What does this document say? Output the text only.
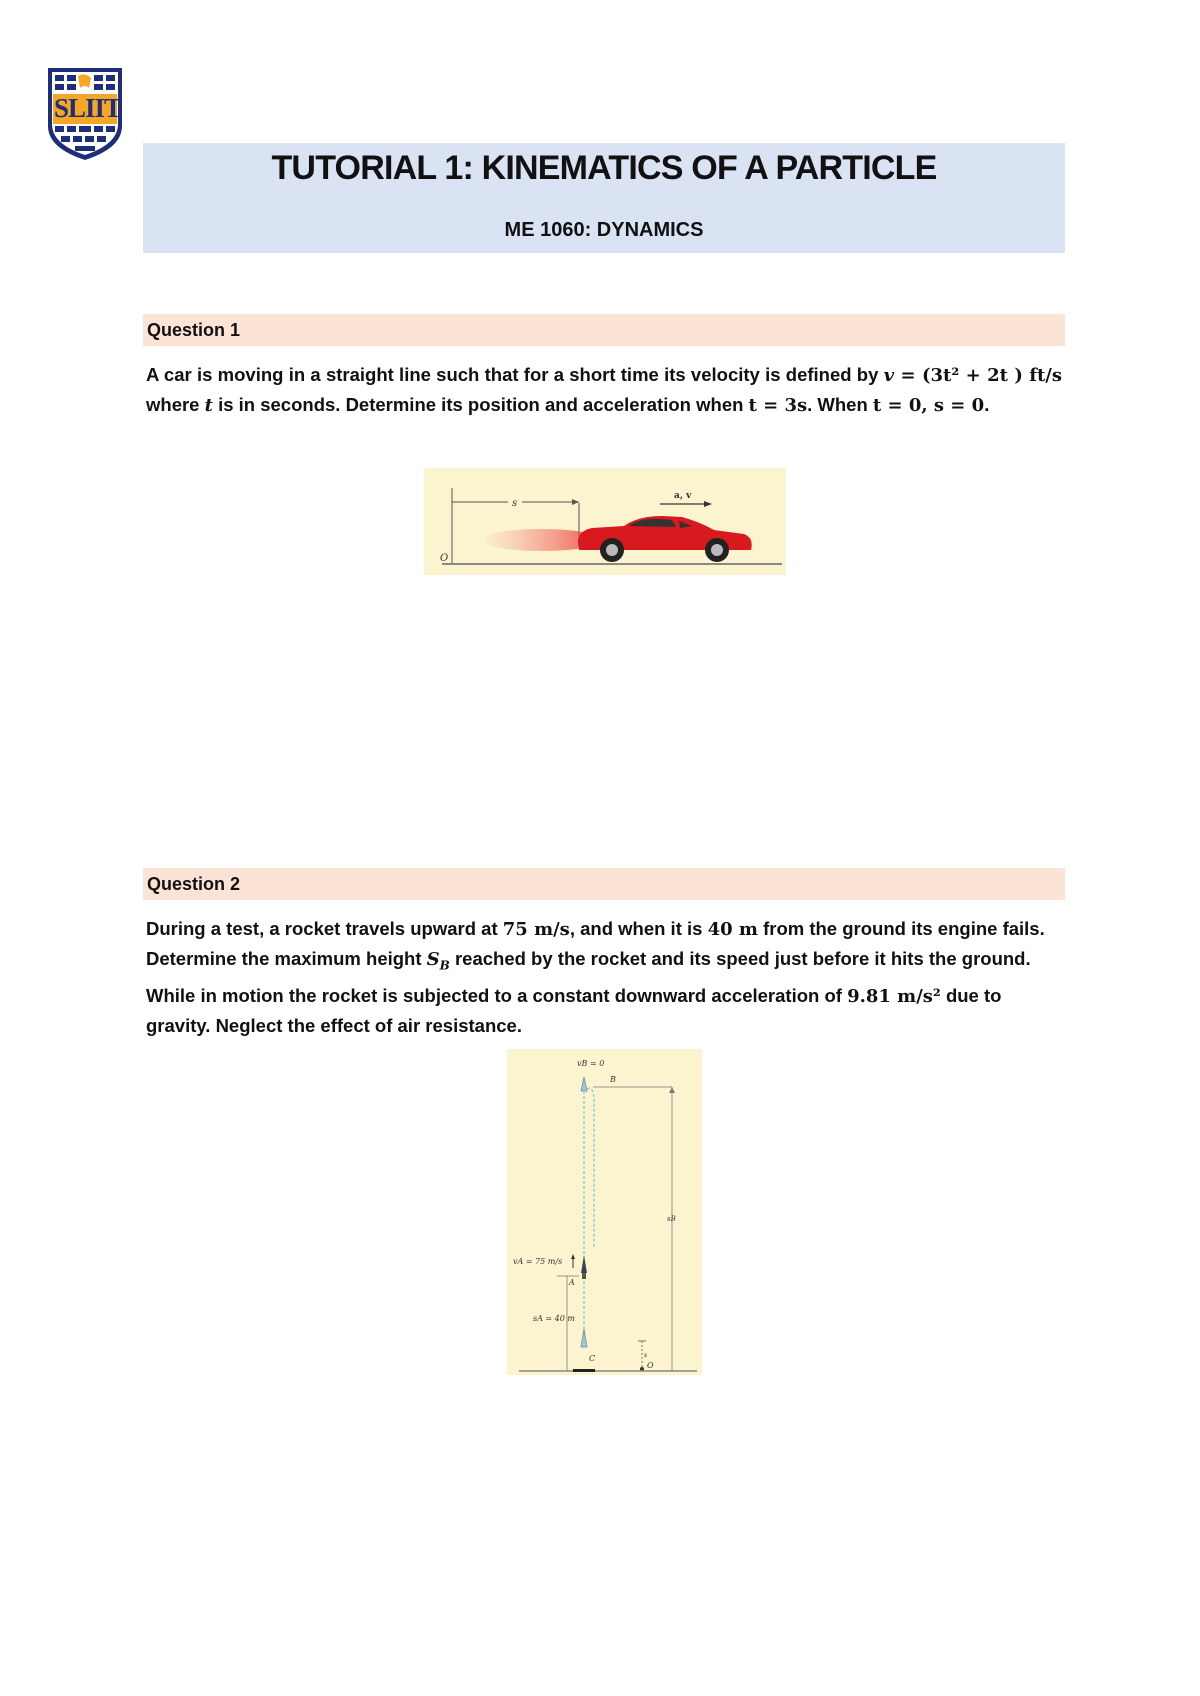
SLIIT
TUTORIAL 1: KINEMATICS OF A PARTICLE
ME 1060: DYNAMICS
Question 1
A car is moving in a straight line such that for a short time its velocity is defined by v = (3t² + 2t ) ft/s where t is in seconds. Determine its position and acceleration when t = 3s. When t = 0, s = 0.
s
a, v
O
Question 2
During a test, a rocket travels upward at 75 m/s, and when it is 40 m from the ground its engine fails. Determine the maximum height $S_B$ reached by the rocket and its speed just before it hits the ground. While in motion the rocket is subjected to a constant downward acceleration of 9.81 m/s² due to gravity. Neglect the effect of air resistance.
vB = 0
B
sB
vA = 75 m/s
A
sA = 40 m
C	s
O
